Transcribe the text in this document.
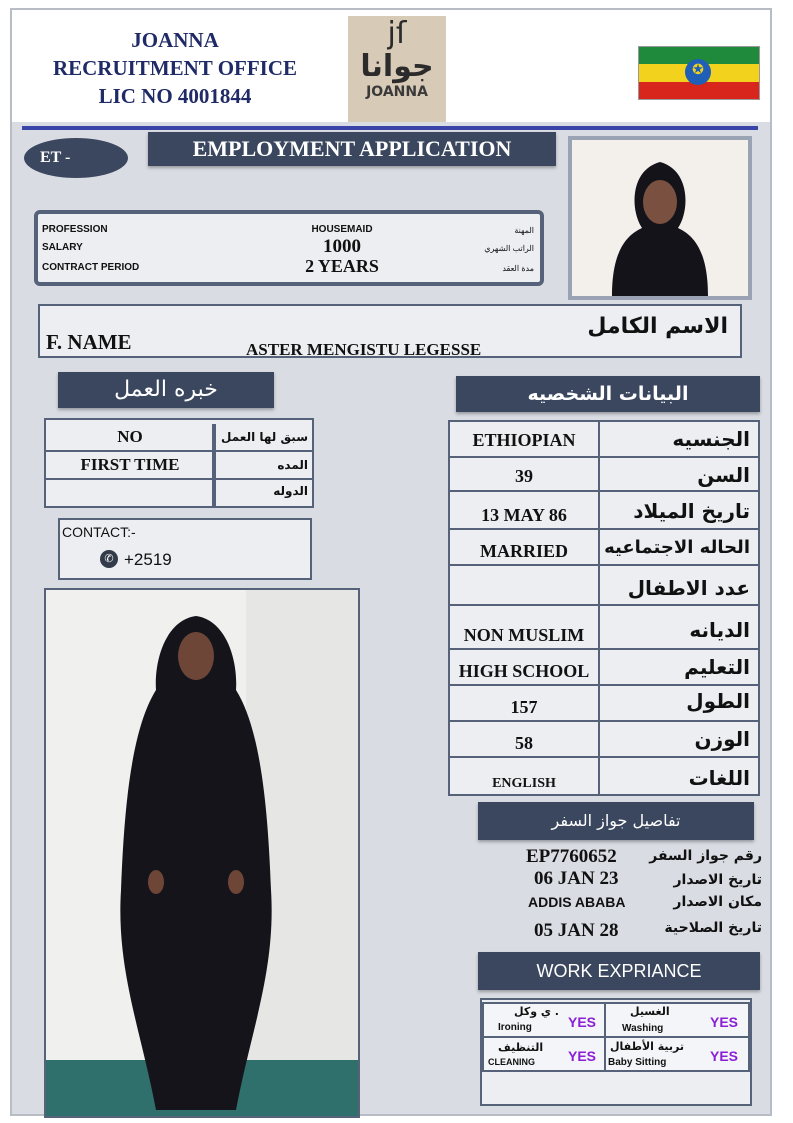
JOANNA
RECRUITMENT OFFICE
LIC NO 4001844
jſ
جوانا
JOANNA
✪
ET -	EMPLOYMENT APPLICATION
PROFESSION	HOUSEMAID	المهنة
SALARY	1000	الراتب الشهري
CONTRACT PERIOD	2 YEARS	مدة العقد
F. NAME	ASTER MENGISTU LEGESSE
الاسم الكامل
خبره العمل
NO	سبق لها العمل
FIRST TIME	المده
الدوله
CONTACT:-
✆ +2519
البيانات الشخصيه
ETHIOPIAN	الجنسيه
39	السن
13 MAY 86	تاريخ الميلاد
MARRIED	الحاله الاجتماعيه
عدد الاطفال
NON MUSLIM	الديانه
HIGH SCHOOL	التعليم
157	الطول
58	الوزن
ENGLISH	اللغات
تفاصيل جواز السفر
EP7760652 رقم جواز السفر
06 JAN 23	تاريخ الاصدار
ADDIS ABABA	مكان الاصدار
05 JAN 28	تاريخ الصلاحية
WORK EXPRIANCE
ي وكل .
Ironing	YES
الغسيل
Washing	YES
التنظيف
CLEANING YES
تربية الأطفال
Baby Sitting	YES
